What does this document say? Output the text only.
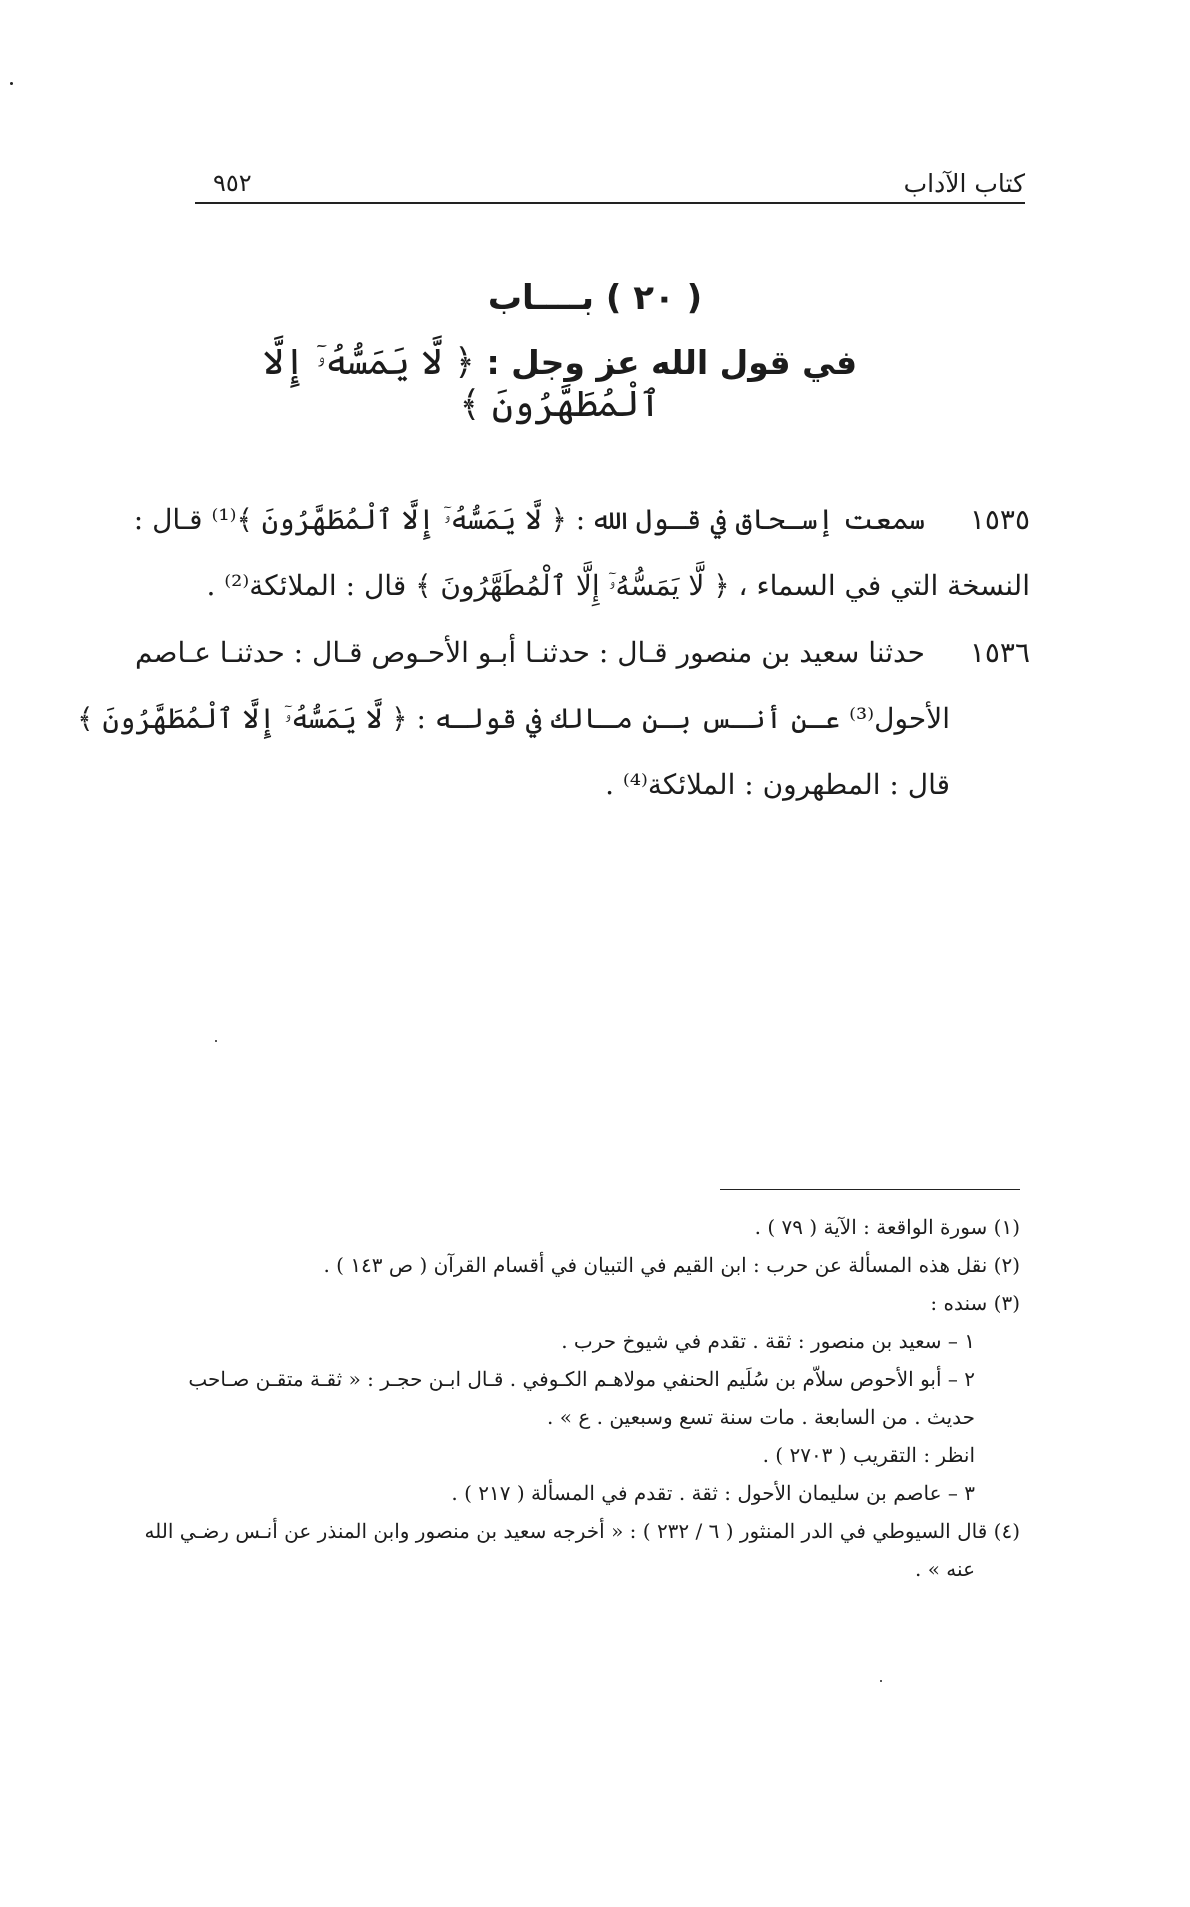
كتاب الآداب
٩٥٢
( ٢٠ ) بــــاب
في قول الله عز وجل : ﴿ لَّا يَمَسُّهُۥٓ إِلَّا ٱلْمُطَهَّرُونَ ﴾
١٥٣٥
سمعت إسـحاق في قـول الله : ﴿ لَّا يَمَسُّهُۥٓ إِلَّا ٱلْمُطَهَّرُونَ ﴾⁽¹⁾ قـال :
النسخة التي في السماء ، ﴿ لَّا يَمَسُّهُۥٓ إِلَّا ٱلْمُطَهَّرُونَ ﴾ قال : الملائكة⁽²⁾ .
١٥٣٦
حدثنا سعيد بن منصور قـال : حدثنـا أبـو الأحـوص قـال : حدثنـا عـاصم
الأحول⁽³⁾ عـن أنـس بـن مـالك في قولـه : ﴿ لَّا يَمَسُّهُۥٓ إِلَّا ٱلْمُطَهَّرُونَ ﴾
قال : المطهرون : الملائكة⁽⁴⁾ .
(١) سورة الواقعة : الآية ( ٧٩ ) .
(٢) نقل هذه المسألة عن حرب : ابن القيم في التبيان في أقسام القرآن ( ص ١٤٣ ) .
(٣) سنده :
١ – سعيد بن منصور : ثقة . تقدم في شيوخ حرب .
٢ – أبو الأحوص سلاّم بن سُلَيم الحنفي مولاهـم الكـوفي . قـال ابـن حجـر : « ثقـة متقـن صـاحب
حديث . من السابعة . مات سنة تسع وسبعين . ع » .
انظر : التقريب ( ٢٧٠٣ ) .
٣ – عاصم بن سليمان الأحول : ثقة . تقدم في المسألة ( ٢١٧ ) .
(٤) قال السيوطي في الدر المنثور ( ٦ / ٢٣٢ ) : « أخرجه سعيد بن منصور وابن المنذر عن أنـس رضـي الله
عنه » .
